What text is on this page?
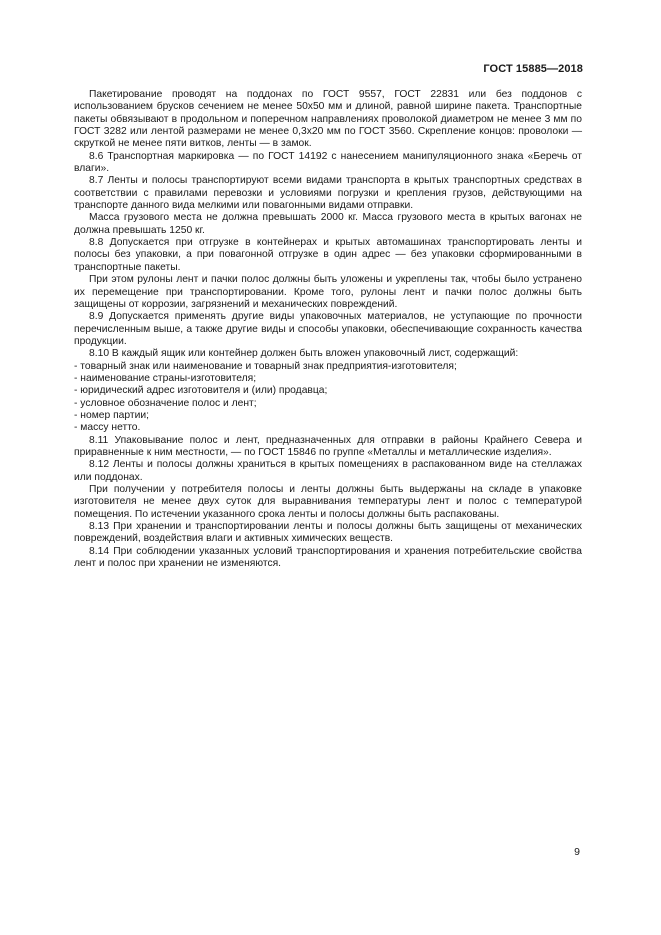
ГОСТ 15885—2018

Пакетирование проводят на поддонах по ГОСТ 9557, ГОСТ 22831 или без поддонов с использованием брусков сечением не менее 50х50 мм и длиной, равной ширине пакета. Транспортные пакеты обвязывают в продольном и поперечном направлениях проволокой диаметром не менее 3 мм по ГОСТ 3282 или лентой размерами не менее 0,3х20 мм по ГОСТ 3560. Скрепление концов: проволоки — скруткой не менее пяти витков, ленты — в замок.

8.6 Транспортная маркировка — по ГОСТ 14192 с нанесением манипуляционного знака «Беречь от влаги».

8.7 Ленты и полосы транспортируют всеми видами транспорта в крытых транспортных средствах в соответствии с правилами перевозки и условиями погрузки и крепления грузов, действующими на транспорте данного вида мелкими или повагонными видами отправки.

Масса грузового места не должна превышать 2000 кг. Масса грузового места в крытых вагонах не должна превышать 1250 кг.

8.8 Допускается при отгрузке в контейнерах и крытых автомашинах транспортировать ленты и полосы без упаковки, а при повагонной отгрузке в один адрес — без упаковки сформированными в транспортные пакеты.

При этом рулоны лент и пачки полос должны быть уложены и укреплены так, чтобы было устранено их перемещение при транспортировании. Кроме того, рулоны лент и пачки полос должны быть защищены от коррозии, загрязнений и механических повреждений.

8.9 Допускается применять другие виды упаковочных материалов, не уступающие по прочности перечисленным выше, а также другие виды и способы упаковки, обеспечивающие сохранность качества продукции.

8.10 В каждый ящик или контейнер должен быть вложен упаковочный лист, содержащий:

- товарный знак или наименование и товарный знак предприятия-изготовителя;

- наименование страны-изготовителя;

- юридический адрес изготовителя и (или) продавца;

- условное обозначение полос и лент;

- номер партии;

- массу нетто.

8.11 Упаковывание полос и лент, предназначенных для отправки в районы Крайнего Севера и приравненные к ним местности, — по ГОСТ 15846 по группе «Металлы и металлические изделия».

8.12 Ленты и полосы должны храниться в крытых помещениях в распакованном виде на стеллажах или поддонах.

При получении у потребителя полосы и ленты должны быть выдержаны на складе в упаковке изготовителя не менее двух суток для выравнивания температуры лент и полос с температурой помещения. По истечении указанного срока ленты и полосы должны быть распакованы.

8.13 При хранении и транспортировании ленты и полосы должны быть защищены от механических повреждений, воздействия влаги и активных химических веществ.

8.14 При соблюдении указанных условий транспортирования и хранения потребительские свойства лент и полос при хранении не изменяются.

9
